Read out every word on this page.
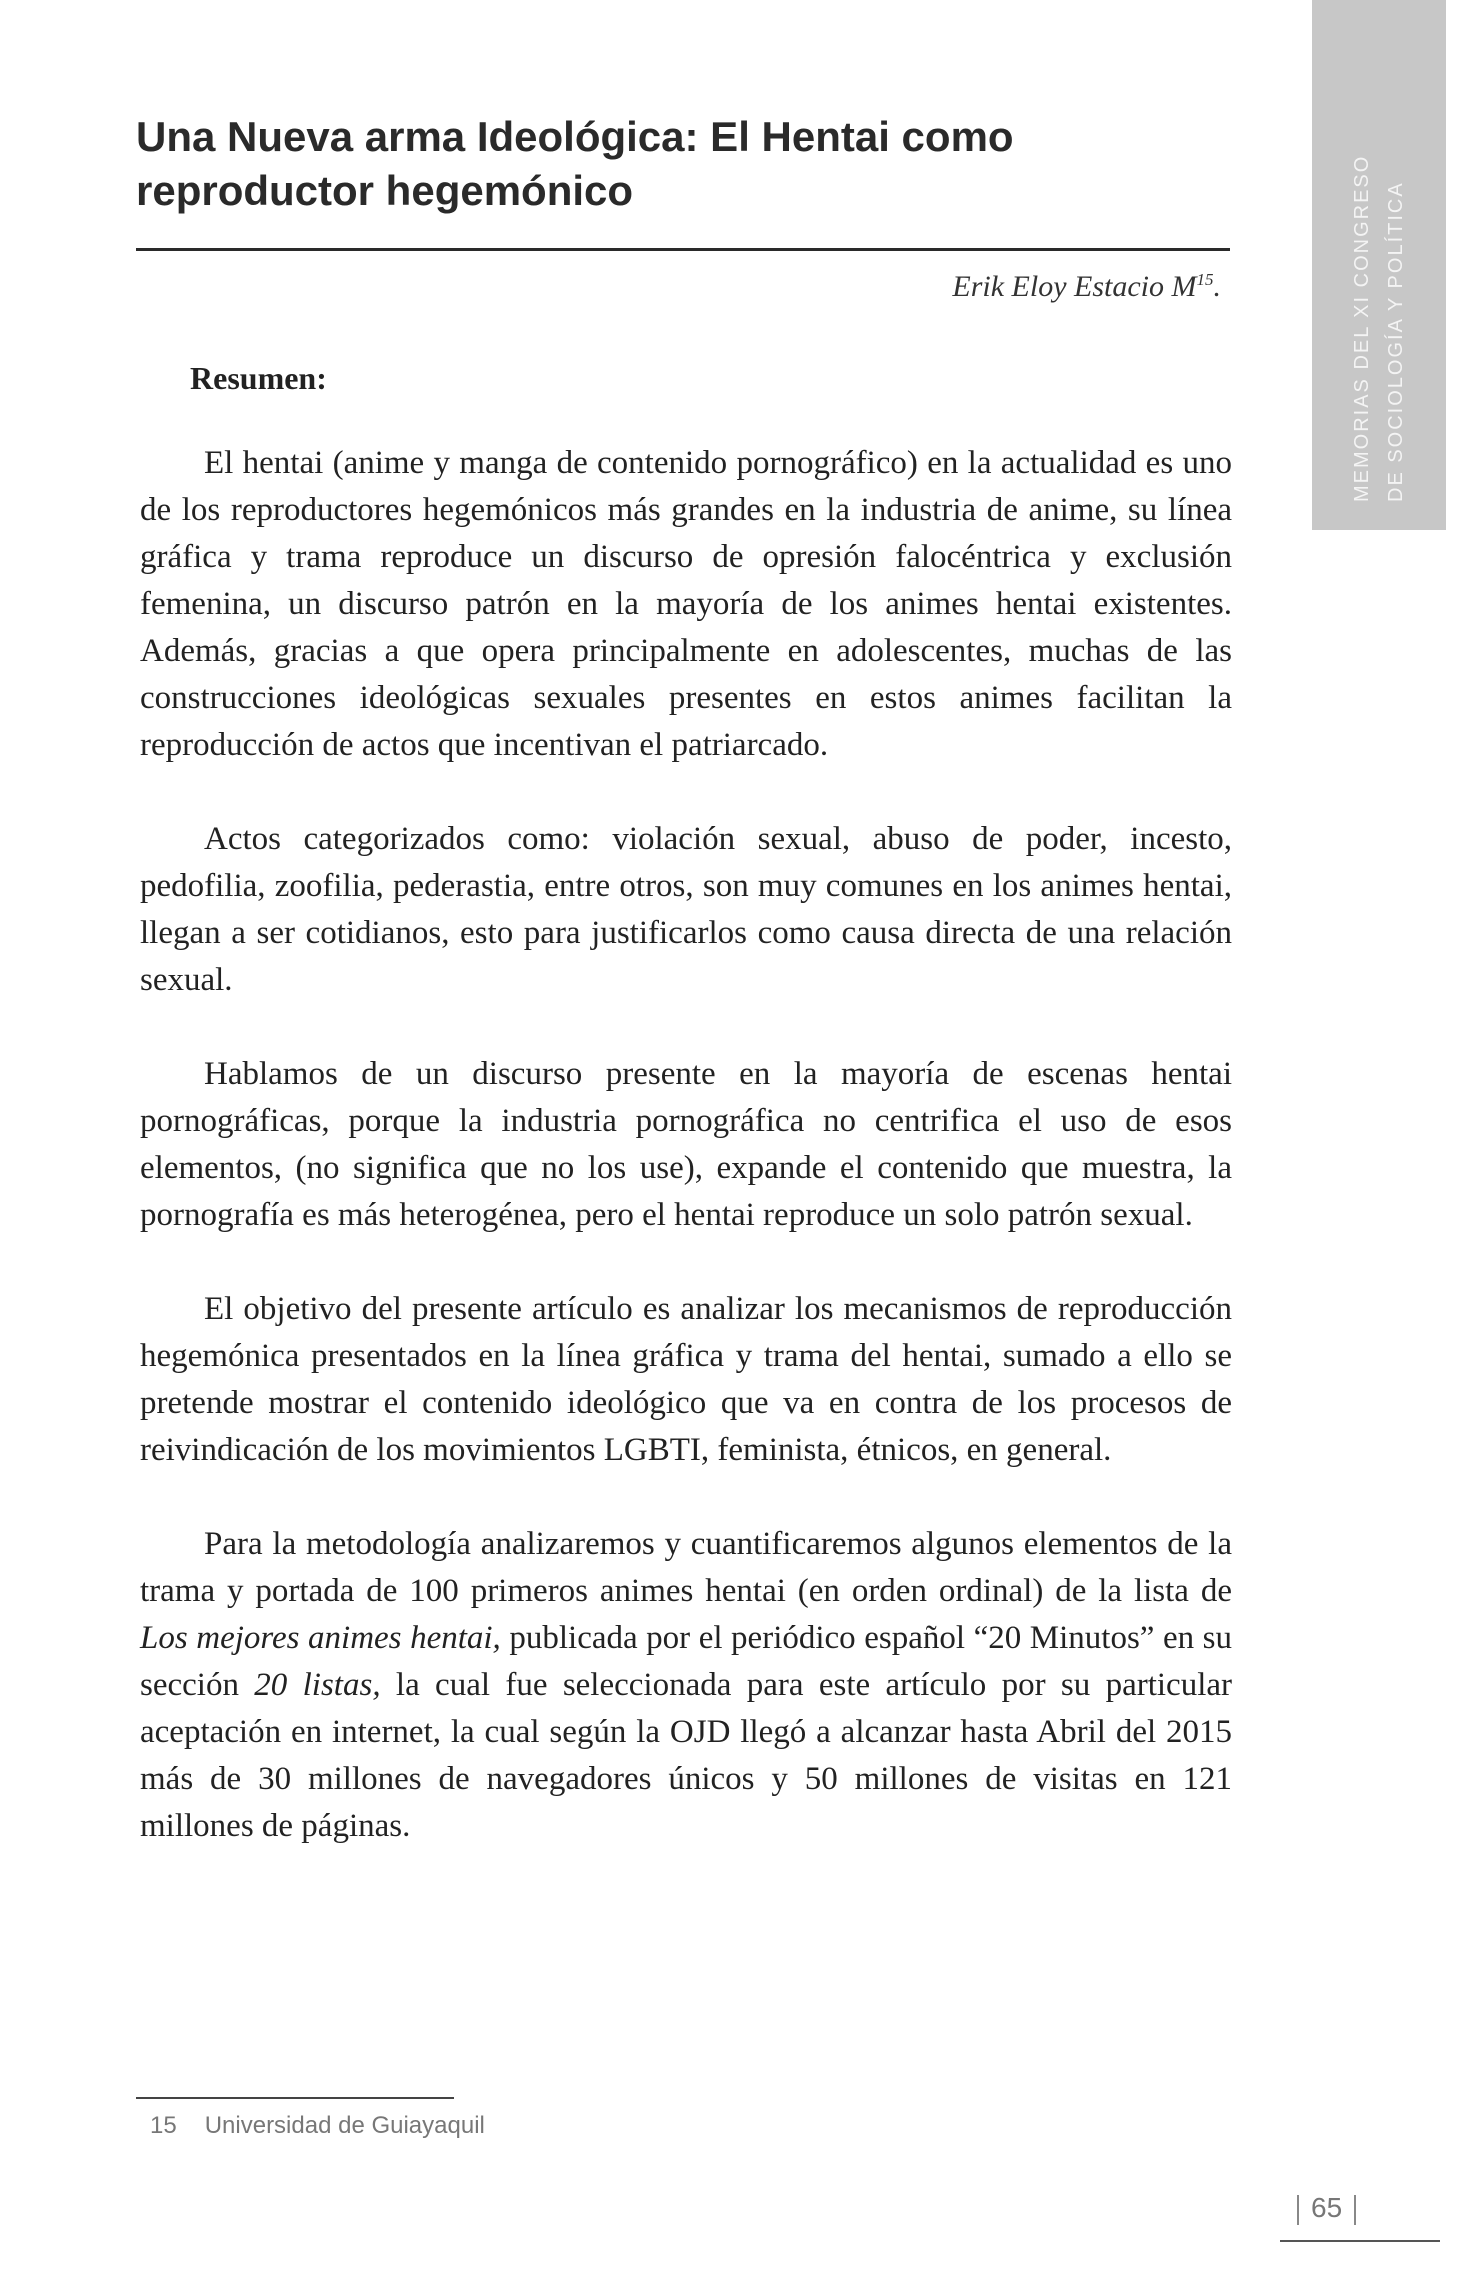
MEMORIAS DEL XI CONGRESO DE SOCIOLOGÍA Y POLÍTICA
Una Nueva arma Ideológica: El Hentai como reproductor hegemónico
Erik Eloy Estacio $M^{15}$.
Resumen:

El hentai (anime y manga de contenido pornográfico) en la actualidad es uno de los reproductores hegemónicos más grandes en la industria de anime, su línea gráfica y trama reproduce un discurso de opresión falocéntrica y exclusión femenina, un discurso patrón en la mayoría de los animes hentai existentes. Además, gracias a que opera principalmente en adolescentes, muchas de las construcciones ideológicas sexuales presentes en estos animes facilitan la reproducción de actos que incentivan el patriarcado.

Actos categorizados como: violación sexual, abuso de poder, incesto, pedofilia, zoofilia, pederastia, entre otros, son muy comunes en los animes hentai, llegan a ser cotidianos, esto para justificarlos como causa directa de una relación sexual.

Hablamos de un discurso presente en la mayoría de escenas hentai pornográficas, porque la industria pornográfica no centrifica el uso de esos elementos, (no significa que no los use), expande el contenido que muestra, la pornografía es más heterogénea, pero el hentai reproduce un solo patrón sexual.

El objetivo del presente artículo es analizar los mecanismos de reproducción hegemónica presentados en la línea gráfica y trama del hentai, sumado a ello se pretende mostrar el contenido ideológico que va en contra de los procesos de reivindicación de los movimientos LGBTI, feminista, étnicos, en general.

Para la metodología analizaremos y cuantificaremos algunos elementos de la trama y portada de 100 primeros animes hentai (en orden ordinal) de la lista de Los mejores animes hentai, publicada por el periódico español “20 Minutos” en su sección 20 listas, la cual fue seleccionada para este artículo por su particular aceptación en internet, la cual según la OJD llegó a alcanzar hasta Abril del 2015 más de 30 millones de navegadores únicos y 50 millones de visitas en 121 millones de páginas.

15 Universidad de Guiayaquil
65
